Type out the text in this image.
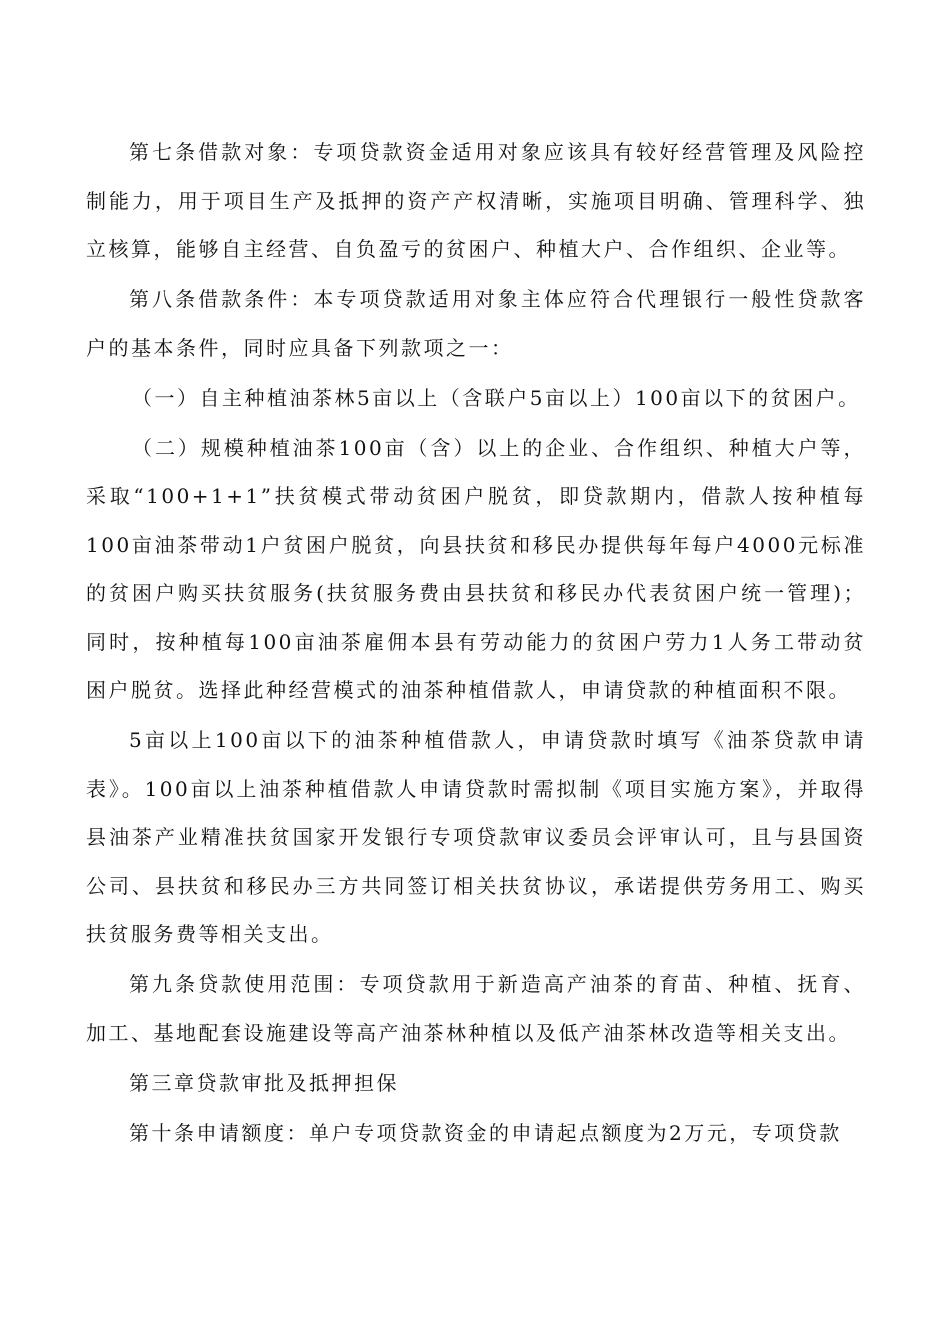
第七条借款对象：专项贷款资金适用对象应该具有较好经营管理及风险控制能力，用于项目生产及抵押的资产产权清晰，实施项目明确、管理科学、独立核算，能够自主经营、自负盈亏的贫困户、种植大户、合作组织、企业等。

第八条借款条件：本专项贷款适用对象主体应符合代理银行一般性贷款客户的基本条件，同时应具备下列款项之一：

（一）自主种植油茶林5亩以上（含联户5亩以上）100亩以下的贫困户。

（二）规模种植油茶100亩（含）以上的企业、合作组织、种植大户等，采取“100+1+1”扶贫模式带动贫困户脱贫，即贷款期内，借款人按种植每100亩油茶带动1户贫困户脱贫，向县扶贫和移民办提供每年每户4000元标准的贫困户购买扶贫服务(扶贫服务费由县扶贫和移民办代表贫困户统一管理)；同时，按种植每100亩油茶雇佣本县有劳动能力的贫困户劳力1人务工带动贫困户脱贫。选择此种经营模式的油茶种植借款人，申请贷款的种植面积不限。

5亩以上100亩以下的油茶种植借款人，申请贷款时填写《油茶贷款申请表》。100亩以上油茶种植借款人申请贷款时需拟制《项目实施方案》，并取得县油茶产业精准扶贫国家开发银行专项贷款审议委员会评审认可，且与县国资公司、县扶贫和移民办三方共同签订相关扶贫协议，承诺提供劳务用工、购买扶贫服务费等相关支出。

第九条贷款使用范围：专项贷款用于新造高产油茶的育苗、种植、抚育、加工、基地配套设施建设等高产油茶林种植以及低产油茶林改造等相关支出。

第三章贷款审批及抵押担保

第十条申请额度：单户专项贷款资金的申请起点额度为2万元，专项贷款
